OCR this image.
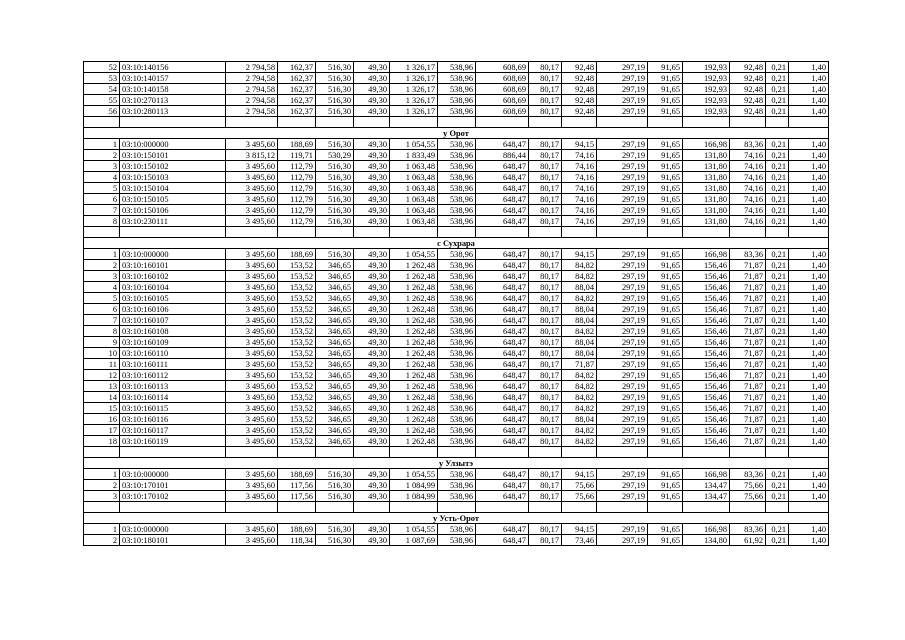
52	03:10:140156	2 794,58	162,37	516,30	49,30	1 326,17	538,96	608,69	80,17	92,48	297,19	91,65	192,93	92,48	0,21	1,40
53	03:10:140157	2 794,58	162,37	516,30	49,30	1 326,17	538,96	608,69	80,17	92,48	297,19	91,65	192,93	92,48	0,21	1,40
54	03:10:140158	2 794,58	162,37	516,30	49,30	1 326,17	538,96	608,69	80,17	92,48	297,19	91,65	192,93	92,48	0,21	1,40
55	03:10:270113	2 794,58	162,37	516,30	49,30	1 326,17	538,96	608,69	80,17	92,48	297,19	91,65	192,93	92,48	0,21	1,40
56	03:10:280113	2 794,58	162,37	516,30	49,30	1 326,17	538,96	608,69	80,17	92,48	297,19	91,65	192,93	92,48	0,21	1,40

у Орот																
1	03:10:000000	3 495,60	188,69	516,30	49,30	1 054,55	538,96	648,47	80,17	94,15	297,19	91,65	166,98	83,36	0,21	1,40
2	03:10:150101	3 815,12	119,71	530,29	49,30	1 833,49	538,96	886,44	80,17	74,16	297,19	91,65	131,80	74,16	0,21	1,40
3	03:10:150102	3 495,60	112,79	516,30	49,30	1 063,48	538,96	648,47	80,17	74,16	297,19	91,65	131,80	74,16	0,21	1,40
4	03:10:150103	3 495,60	112,79	516,30	49,30	1 063,48	538,96	648,47	80,17	74,16	297,19	91,65	131,80	74,16	0,21	1,40
5	03:10:150104	3 495,60	112,79	516,30	49,30	1 063,48	538,96	648,47	80,17	74,16	297,19	91,65	131,80	74,16	0,21	1,40
6	03:10:150105	3 495,60	112,79	516,30	49,30	1 063,48	538,96	648,47	80,17	74,16	297,19	91,65	131,80	74,16	0,21	1,40
7	03:10:150106	3 495,60	112,79	516,30	49,30	1 063,48	538,96	648,47	80,17	74,16	297,19	91,65	131,80	74,16	0,21	1,40
8	03:10:230111	3 495,60	112,79	516,30	49,30	1 063,48	538,96	648,47	80,17	74,16	297,19	91,65	131,80	74,16	0,21	1,40

с Сухрара																
1	03:10:000000	3 495,60	188,69	516,30	49,30	1 054,55	538,96	648,47	80,17	94,15	297,19	91,65	166,98	83,36	0,21	1,40
2	03:10:160101	3 495,60	153,52	346,65	49,30	1 262,48	538,96	648,47	80,17	84,82	297,19	91,65	156,46	71,87	0,21	1,40
3	03:10:160102	3 495,60	153,52	346,65	49,30	1 262,48	538,96	648,47	80,17	84,82	297,19	91,65	156,46	71,87	0,21	1,40
4	03:10:160104	3 495,60	153,52	346,65	49,30	1 262,48	538,96	648,47	80,17	88,04	297,19	91,65	156,46	71,87	0,21	1,40
5	03:10:160105	3 495,60	153,52	346,65	49,30	1 262,48	538,96	648,47	80,17	84,82	297,19	91,65	156,46	71,87	0,21	1,40
6	03:10:160106	3 495,60	153,52	346,65	49,30	1 262,48	538,96	648,47	80,17	88,04	297,19	91,65	156,46	71,87	0,21	1,40
7	03:10:160107	3 495,60	153,52	346,65	49,30	1 262,48	538,96	648,47	80,17	88,04	297,19	91,65	156,46	71,87	0,21	1,40
8	03:10:160108	3 495,60	153,52	346,65	49,30	1 262,48	538,96	648,47	80,17	84,82	297,19	91,65	156,46	71,87	0,21	1,40
9	03:10:160109	3 495,60	153,52	346,65	49,30	1 262,48	538,96	648,47	80,17	88,04	297,19	91,65	156,46	71,87	0,21	1,40
10	03:10:160110	3 495,60	153,52	346,65	49,30	1 262,48	538,96	648,47	80,17	88,04	297,19	91,65	156,46	71,87	0,21	1,40
11	03:10:160111	3 495,60	153,52	346,65	49,30	1 262,48	538,96	648,47	80,17	71,87	297,19	91,65	156,46	71,87	0,21	1,40
12	03:10:160112	3 495,60	153,52	346,65	49,30	1 262,48	538,96	648,47	80,17	84,82	297,19	91,65	156,46	71,87	0,21	1,40
13	03:10:160113	3 495,60	153,52	346,65	49,30	1 262,48	538,96	648,47	80,17	84,82	297,19	91,65	156,46	71,87	0,21	1,40
14	03:10:160114	3 495,60	153,52	346,65	49,30	1 262,48	538,96	648,47	80,17	84,82	297,19	91,65	156,46	71,87	0,21	1,40
15	03:10:160115	3 495,60	153,52	346,65	49,30	1 262,48	538,96	648,47	80,17	84,82	297,19	91,65	156,46	71,87	0,21	1,40
16	03:10:160116	3 495,60	153,52	346,65	49,30	1 262,48	538,96	648,47	80,17	88,04	297,19	91,65	156,46	71,87	0,21	1,40
17	03:10:160117	3 495,60	153,52	346,65	49,30	1 262,48	538,96	648,47	80,17	84,82	297,19	91,65	156,46	71,87	0,21	1,40
18	03:10:160119	3 495,60	153,52	346,65	49,30	1 262,48	538,96	648,47	80,17	84,82	297,19	91,65	156,46	71,87	0,21	1,40

у Улзытэ																
1	03:10:000000	3 495,60	188,69	516,30	49,30	1 054,55	538,96	648,47	80,17	94,15	297,19	91,65	166,98	83,36	0,21	1,40
2	03:10:170101	3 495,60	117,56	516,30	49,30	1 084,99	538,96	648,47	80,17	75,66	297,19	91,65	134,47	75,66	0,21	1,40
3	03:10:170102	3 495,60	117,56	516,30	49,30	1 084,99	538,96	648,47	80,17	75,66	297,19	91,65	134,47	75,66	0,21	1,40

у Усть-Орот																
1	03:10:000000	3 495,60	188,69	516,30	49,30	1 054,55	538,96	648,47	80,17	94,15	297,19	91,65	166,98	83,36	0,21	1,40
2	03:10:180101	3 495,60	118,34	516,30	49,30	1 087,69	538,96	648,47	80,17	73,46	297,19	91,65	134,80	61,92	0,21	1,40
